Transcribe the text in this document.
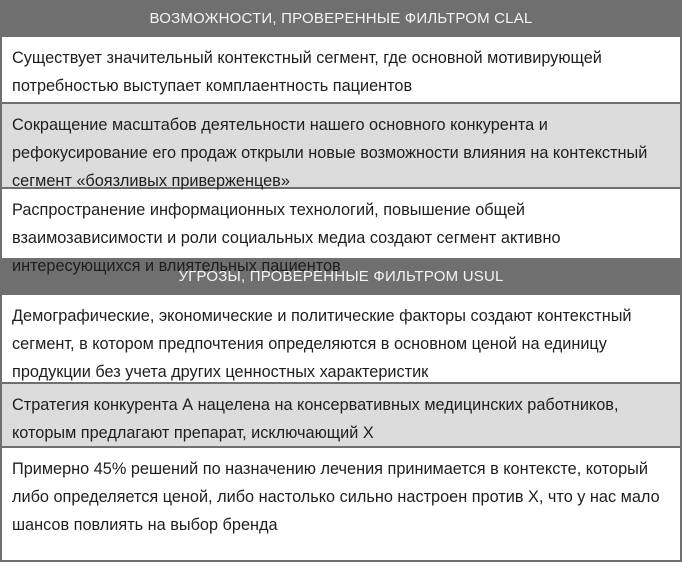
ВОЗМОЖНОСТИ, ПРОВЕРЕННЫЕ ФИЛЬТРОМ CLAL
Существует значительный контекстный сегмент, где основной мотивирующей потребностью выступает комплаентность пациентов
Сокращение масштабов деятельности нашего основного конкурента и рефокусирование его продаж открыли новые возможности влияния на контекстный сегмент «боязливых приверженцев»
Распространение информационных технологий, повышение общей взаимозависимости и роли социальных медиа создают сегмент активно интересующихся и влиятельных пациентов
УГРОЗЫ, ПРОВЕРЕННЫЕ ФИЛЬТРОМ USUL
Демографические, экономические и политические факторы создают контекстный сегмент, в котором предпочтения определяются в основном ценой на единицу продукции без учета других ценностных характеристик
Стратегия конкурента А нацелена на консервативных медицинских работников, которым предлагают препарат, исключающий Х
Примерно 45% решений по назначению лечения принимается в контексте, который либо определяется ценой, либо настолько сильно настроен против Х, что у нас мало шансов повлиять на выбор бренда
